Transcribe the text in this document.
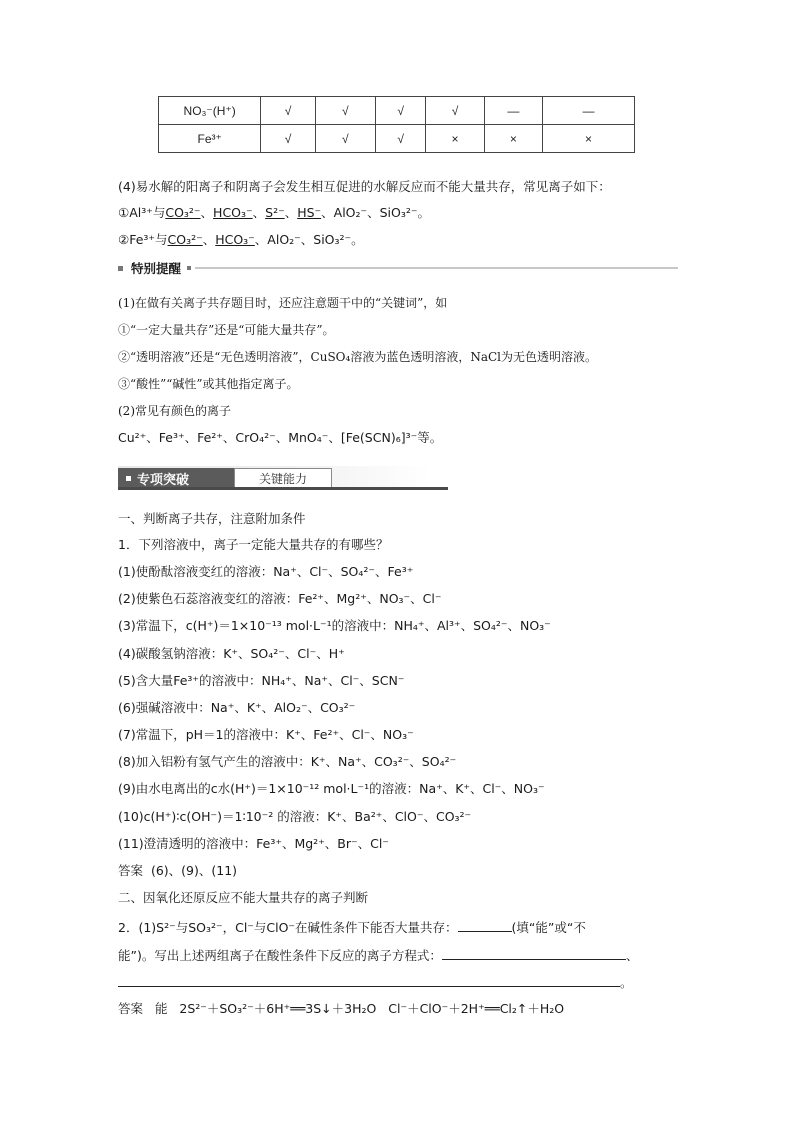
NO₃⁻(H⁺)	√	√	√	√	—	—
Fe³⁺	√	√	√	×	×	×
(4)易水解的阳离子和阴离子会发生相互促进的水解反应而不能大量共存，常见离子如下：
①Al³⁺与CO₃²⁻、HCO₃⁻、S²⁻、HS⁻、AlO₂⁻、SiO₃²⁻。
②Fe³⁺与CO₃²⁻、HCO₃⁻、AlO₂⁻、SiO₃²⁻。
特别提醒
(1)在做有关离子共存题目时，还应注意题干中的“关键词”，如
①“一定大量共存”还是“可能大量共存”。
②“透明溶液”还是“无色透明溶液”，CuSO₄溶液为蓝色透明溶液，NaCl为无色透明溶液。
③“酸性”“碱性”或其他指定离子。
(2)常见有颜色的离子
Cu²⁺、Fe³⁺、Fe²⁺、CrO₄²⁻、MnO₄⁻、[Fe(SCN)₆]³⁻等。
专项突破	关键能力
一、判断离子共存，注意附加条件
1．下列溶液中，离子一定能大量共存的有哪些？
(1)使酚酞溶液变红的溶液：Na⁺、Cl⁻、SO₄²⁻、Fe³⁺
(2)使紫色石蕊溶液变红的溶液：Fe²⁺、Mg²⁺、NO₃⁻、Cl⁻
(3)常温下，c(H⁺)＝1×10⁻¹³ mol·L⁻¹的溶液中：NH₄⁺、Al³⁺、SO₄²⁻、NO₃⁻
(4)碳酸氢钠溶液：K⁺、SO₄²⁻、Cl⁻、H⁺
(5)含大量Fe³⁺的溶液中：NH₄⁺、Na⁺、Cl⁻、SCN⁻
(6)强碱溶液中：Na⁺、K⁺、AlO₂⁻、CO₃²⁻
(7)常温下，pH＝1的溶液中：K⁺、Fe²⁺、Cl⁻、NO₃⁻
(8)加入铝粉有氢气产生的溶液中：K⁺、Na⁺、CO₃²⁻、SO₄²⁻
(9)由水电离出的c水(H⁺)＝1×10⁻¹² mol·L⁻¹的溶液：Na⁺、K⁺、Cl⁻、NO₃⁻
(10)c(H⁺)∶c(OH⁻)＝1∶10⁻² 的溶液：K⁺、Ba²⁺、ClO⁻、CO₃²⁻
(11)澄清透明的溶液中：Fe³⁺、Mg²⁺、Br⁻、Cl⁻
答案 (6)、(9)、(11)
二、因氧化还原反应不能大量共存的离子判断
2．(1)S²⁻与SO₃²⁻，Cl⁻与ClO⁻在碱性条件下能否大量共存：	(填“能”或“不
能”)。写出上述两组离子在酸性条件下反应的离子方程式：	、
。
答案 能 2S²⁻＋SO₃²⁻＋6H⁺══3S↓＋3H₂O Cl⁻＋ClO⁻＋2H⁺══Cl₂↑＋H₂O
